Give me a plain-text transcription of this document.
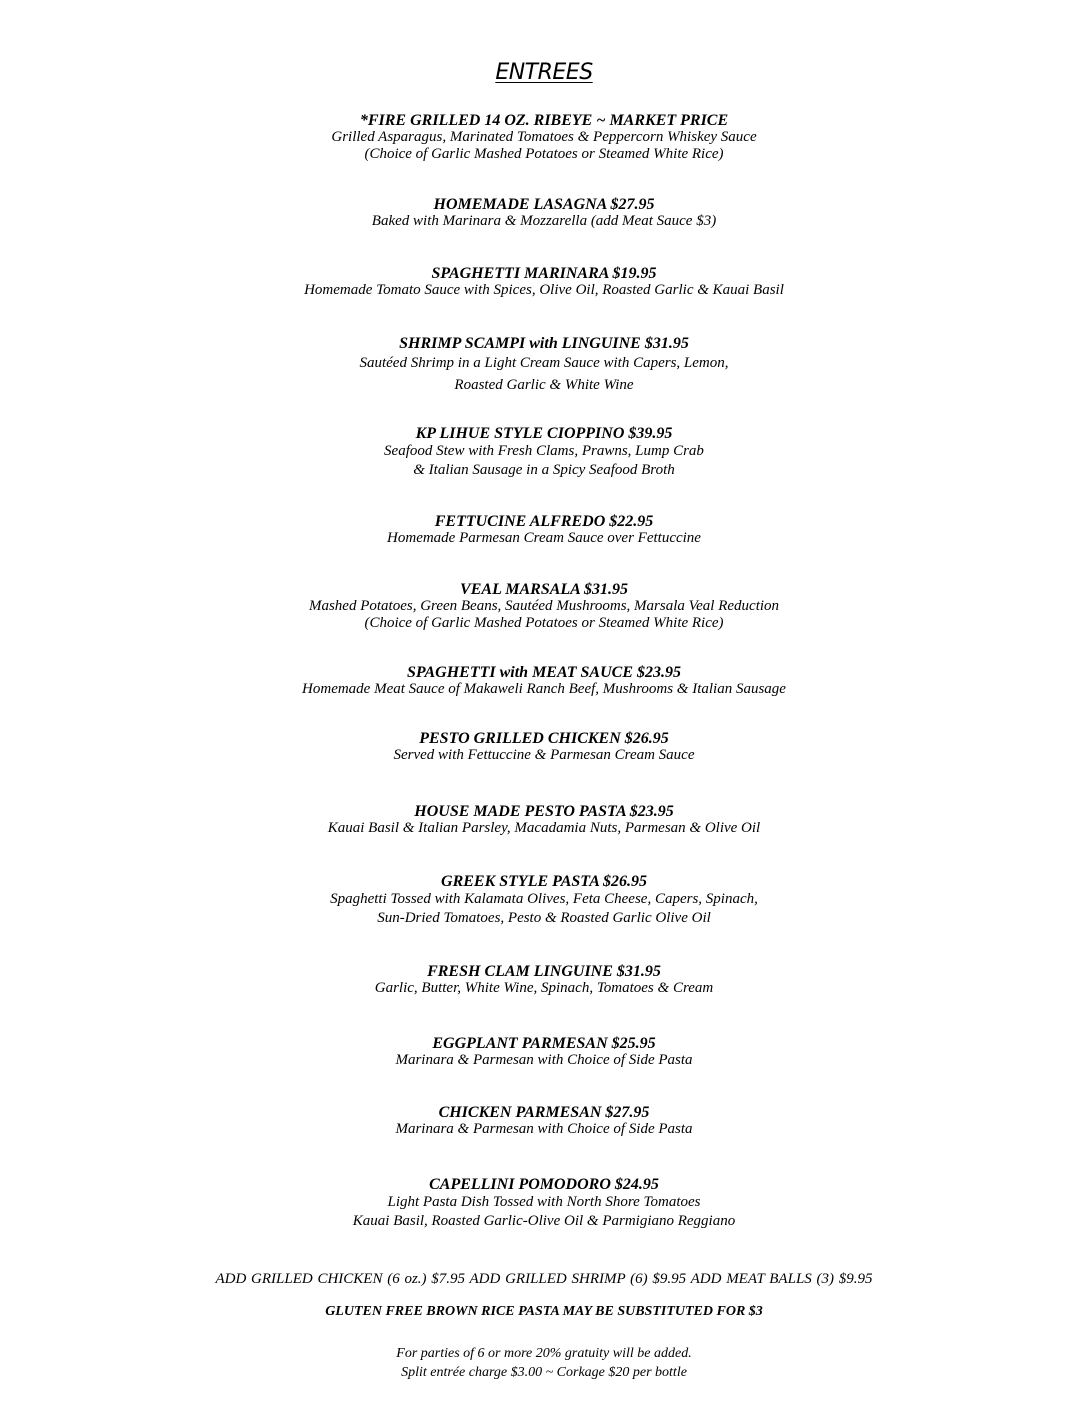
ENTREES

*FIRE GRILLED 14 OZ. RIBEYE ~ MARKET PRICE

Grilled Asparagus, Marinated Tomatoes & Peppercorn Whiskey Sauce
(Choice of Garlic Mashed Potatoes or Steamed White Rice)

HOMEMADE LASAGNA $27.95

Baked with Marinara & Mozzarella (add Meat Sauce $3)

SPAGHETTI MARINARA $19.95

Homemade Tomato Sauce with Spices, Olive Oil, Roasted Garlic & Kauai Basil

SHRIMP SCAMPI with LINGUINE $31.95

Sautéed Shrimp in a Light Cream Sauce with Capers, Lemon,
Roasted Garlic & White Wine

KP LIHUE STYLE CIOPPINO $39.95

Seafood Stew with Fresh Clams, Prawns, Lump Crab
& Italian Sausage in a Spicy Seafood Broth

FETTUCINE ALFREDO $22.95

Homemade Parmesan Cream Sauce over Fettuccine

VEAL MARSALA $31.95

Mashed Potatoes, Green Beans, Sautéed Mushrooms, Marsala Veal Reduction
(Choice of Garlic Mashed Potatoes or Steamed White Rice)

SPAGHETTI with MEAT SAUCE $23.95

Homemade Meat Sauce of Makaweli Ranch Beef, Mushrooms & Italian Sausage

PESTO GRILLED CHICKEN $26.95

Served with Fettuccine & Parmesan Cream Sauce

HOUSE MADE PESTO PASTA $23.95

Kauai Basil & Italian Parsley, Macadamia Nuts, Parmesan & Olive Oil

GREEK STYLE PASTA $26.95

Spaghetti Tossed with Kalamata Olives, Feta Cheese, Capers, Spinach,
Sun-Dried Tomatoes, Pesto & Roasted Garlic Olive Oil

FRESH CLAM LINGUINE $31.95

Garlic, Butter, White Wine, Spinach, Tomatoes & Cream

EGGPLANT PARMESAN $25.95

Marinara & Parmesan with Choice of Side Pasta

CHICKEN PARMESAN $27.95

Marinara & Parmesan with Choice of Side Pasta

CAPELLINI POMODORO $24.95

Light Pasta Dish Tossed with North Shore Tomatoes
Kauai Basil, Roasted Garlic-Olive Oil & Parmigiano Reggiano

ADD GRILLED CHICKEN (6 oz.) $7.95 ADD GRILLED SHRIMP (6) $9.95 ADD MEAT BALLS (3) $9.95
GLUTEN FREE BROWN RICE PASTA MAY BE SUBSTITUTED FOR $3
For parties of 6 or more 20% gratuity will be added.
Split entrée charge $3.00 ~ Corkage $20 per bottle
